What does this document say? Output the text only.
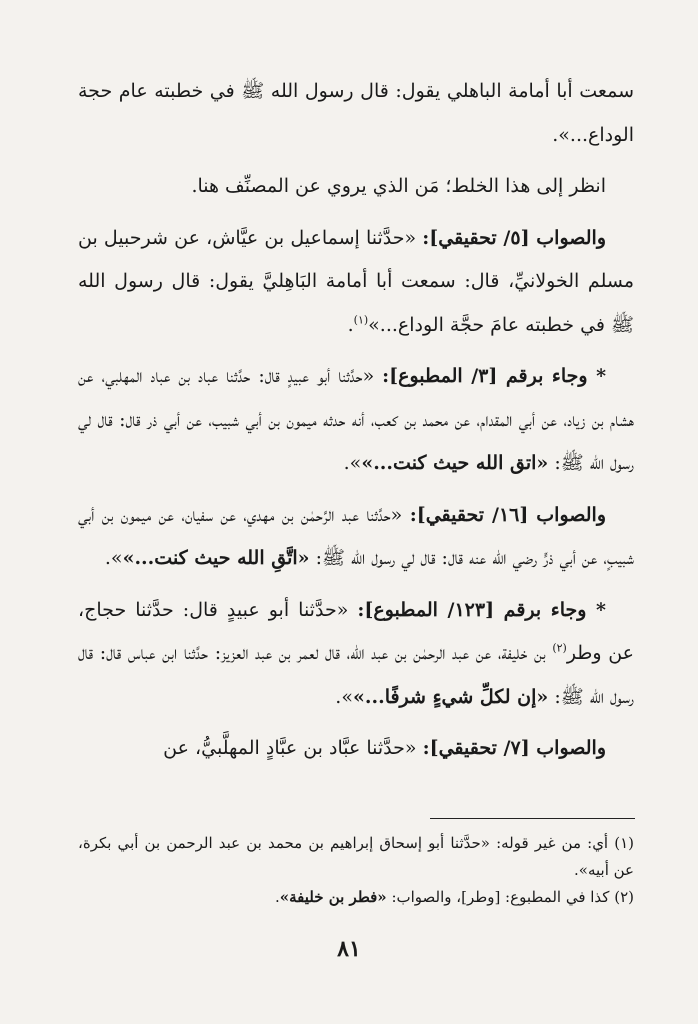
سمعت أبا أمامة الباهلي يقول: قال رسول الله ﷺ في خطبته عام حجة الوداع...».

انظر إلى هذا الخلط؛ مَن الذي يروي عن المصنِّف هنا.

والصواب [٥/ تحقيقي]: «حدَّثنا إسماعيل بن عيَّاش، عن شرحبيل بن مسلم الخولانيِّ، قال: سمعت أبا أمامة البَاهِليَّ يقول: قال رسول الله ﷺ في خطبته عامَ حجَّة الوداع...»$^{(١)}$.

* وجاء برقم [٣/ المطبوع]: «حدَّثنا أبو عبيدٍ قال: حدَّثنا عباد بن عباد المهلبي، عن هشام بن زياد، عن أبي المقدام، عن محمد بن كعب، أنه حدثه ميمون بن أبي شبيب، عن أبي ذر قال: قال لي رسول الله ﷺ: «اتق الله حيث كنت...»».

والصواب [١٦/ تحقيقي]: «حدَّثنا عبد الرَّحمٰن بن مهدي، عن سفيان، عن ميمون بن أبي شبيبٍ، عن أبي ذرٍّ رضي الله عنه قال: قال لي رسول الله ﷺ: «اتَّقِ الله حيث كنت...»».

* وجاء برقم [١٢٣/ المطبوع]: «حدَّثنا أبو عبيدٍ قال: حدَّثنا حجاج، عن وطر$^{(٢)}$ بن خليفة، عن عبد الرحمٰن بن عبد الله، قال لعمر بن عبد العزيز: حدَّثنا ابن عباس قال: قال رسول الله ﷺ: «إن لكلِّ شيءٍ شرفًا...»».

والصواب [٧/ تحقيقي]: «حدَّثنا عبَّاد بن عبَّادٍ المهلَّبيُّ، عن

(١) أي: من غير قوله: «حدَّثنا أبو إسحاق إبراهيم بن محمد بن عبد الرحمن بن أبي بكرة، عن أبيه».

(٢) كذا في المطبوع: [وطر]، والصواب: «فطر بن خليفة».

٨١
